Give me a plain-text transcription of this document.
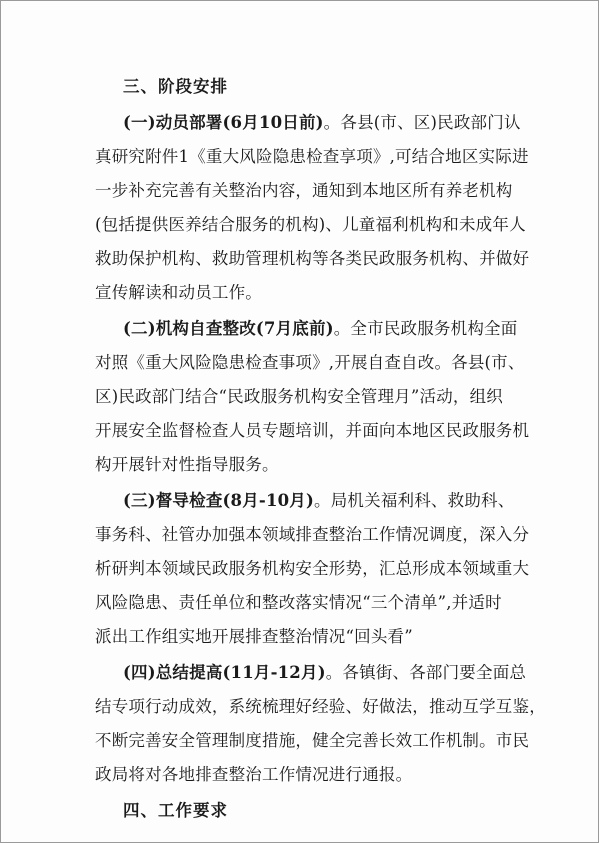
三、阶段安排
(一)动员部署(6月10日前)。各县(市、区)民政部门认
真研究附件1《重大风险隐患检查享项》,可结合地区实际进
一步补充完善有关整治内容，通知到本地区所有养老机构
(包括提供医养结合服务的机构)、儿童福利机构和未成年人
救助保护机构、救助管理机构等各类民政服务机构、并做好
宣传解读和动员工作。
(二)机构自查整改(7月底前)。全市民政服务机构全面
对照《重大风险隐患检查事项》,开展自查自改。各县(市、
区)民政部门结合“民政服务机构安全管理月”活动，组织
开展安全监督检查人员专题培训，并面向本地区民政服务机
构开展针对性指导服务。
(三)督导检查(8月-10月)。局机关福利科、救助科、
事务科、社管办加强本领域排查整治工作情况调度，深入分
析研判本领域民政服务机构安全形势，汇总形成本领域重大
风险隐患、责任单位和整改落实情况“三个清单”,并适时
派出工作组实地开展排查整治情况“回头看”
(四)总结提高(11月-12月)。各镇街、各部门要全面总
结专项行动成效，系统梳理好经验、好做法，推动互学互鉴，
不断完善安全管理制度措施，健全完善长效工作机制。市民
政局将对各地排查整治工作情况进行通报。
四、工作要求
